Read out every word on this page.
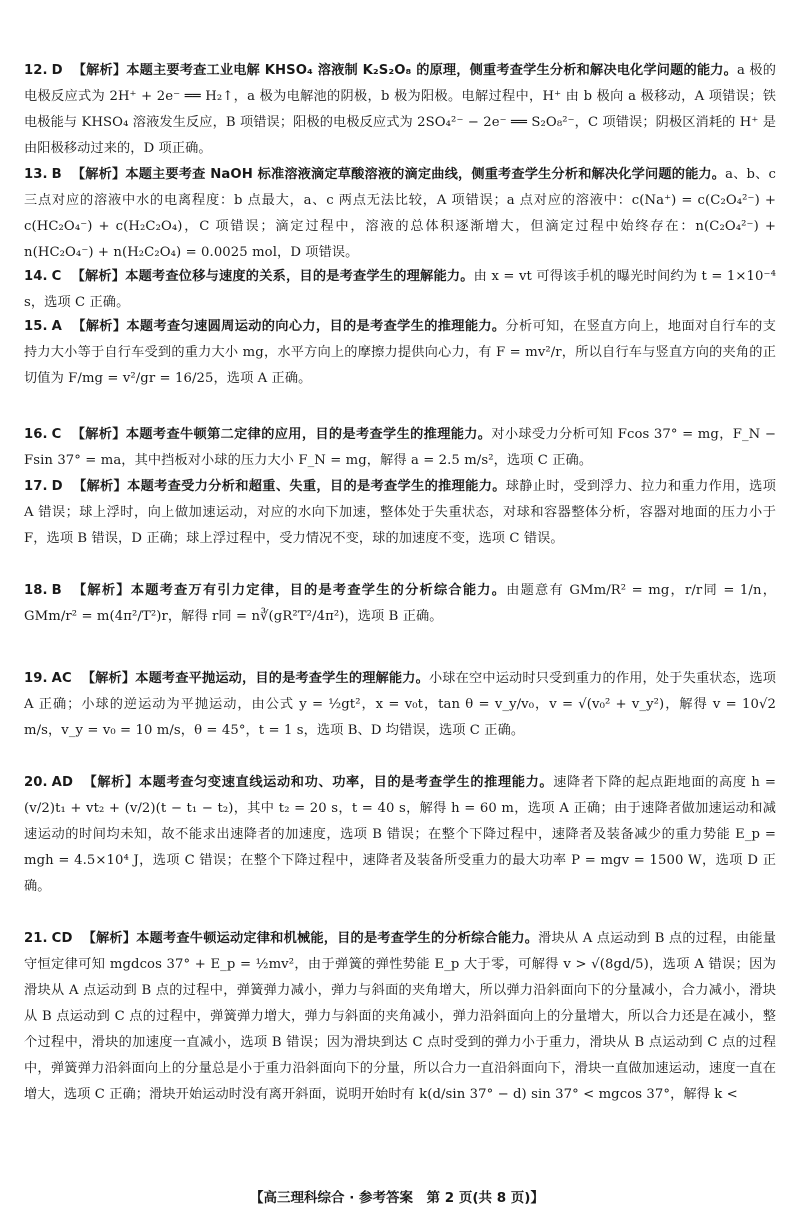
12. D 【解析】本题主要考查工业电解 KHSO₄ 溶液制 K₂S₂O₈ 的原理，侧重考查学生分析和解决电化学问题的能力。a 极的电极反应式为 2H⁺ + 2e⁻ ══ H₂↑，a 极为电解池的阴极，b 极为阳极。电解过程中，H⁺ 由 b 极向 a 极移动，A 项错误；铁电极能与 KHSO₄ 溶液发生反应，B 项错误；阳极的电极反应式为 2SO₄²⁻ − 2e⁻ ══ S₂O₈²⁻，C 项错误；阴极区消耗的 H⁺ 是由阳极移动过来的，D 项正确。
13. B 【解析】本题主要考查 NaOH 标准溶液滴定草酸溶液的滴定曲线，侧重考查学生分析和解决化学问题的能力。a、b、c 三点对应的溶液中水的电离程度：b 点最大，a、c 两点无法比较，A 项错误；a 点对应的溶液中：c(Na⁺) = c(C₂O₄²⁻) + c(HC₂O₄⁻) + c(H₂C₂O₄)，C 项错误；滴定过程中，溶液的总体积逐渐增大，但滴定过程中始终存在：n(C₂O₄²⁻) + n(HC₂O₄⁻) + n(H₂C₂O₄) = 0.0025 mol，D 项错误。
14. C 【解析】本题考查位移与速度的关系，目的是考查学生的理解能力。由 x = vt 可得该手机的曝光时间约为 t = 1×10⁻⁴ s，选项 C 正确。
15. A 【解析】本题考查匀速圆周运动的向心力，目的是考查学生的推理能力。分析可知，在竖直方向上，地面对自行车的支持力大小等于自行车受到的重力大小 mg，水平方向上的摩擦力提供向心力，有 F = mv²/r，所以自行车与竖直方向的夹角的正切值为 F/mg = v²/gr = 16/25，选项 A 正确。
16. C 【解析】本题考查牛顿第二定律的应用，目的是考查学生的推理能力。对小球受力分析可知 Fcos 37° = mg，F_N − Fsin 37° = ma，其中挡板对小球的压力大小 F_N = mg，解得 a = 2.5 m/s²，选项 C 正确。
17. D 【解析】本题考查受力分析和超重、失重，目的是考查学生的推理能力。球静止时，受到浮力、拉力和重力作用，选项 A 错误；球上浮时，向上做加速运动，对应的水向下加速，整体处于失重状态，对球和容器整体分析，容器对地面的压力小于 F，选项 B 错误，D 正确；球上浮过程中，受力情况不变，球的加速度不变，选项 C 错误。
18. B 【解析】本题考查万有引力定律，目的是考查学生的分析综合能力。由题意有 GMm/R² = mg，r/r同 = 1/n，GMm/r² = m(4π²/T²)r，解得 r同 = n∛(gR²T²/4π²)，选项 B 正确。
19. AC 【解析】本题考查平抛运动，目的是考查学生的理解能力。小球在空中运动时只受到重力的作用，处于失重状态，选项 A 正确；小球的逆运动为平抛运动，由公式 y = ½gt²，x = v₀t，tan θ = v_y/v₀，v = √(v₀² + v_y²)，解得 v = 10√2 m/s，v_y = v₀ = 10 m/s，θ = 45°，t = 1 s，选项 B、D 均错误，选项 C 正确。
20. AD 【解析】本题考查匀变速直线运动和功、功率，目的是考查学生的推理能力。速降者下降的起点距地面的高度 h = (v/2)t₁ + vt₂ + (v/2)(t − t₁ − t₂)，其中 t₂ = 20 s，t = 40 s，解得 h = 60 m，选项 A 正确；由于速降者做加速运动和减速运动的时间均未知，故不能求出速降者的加速度，选项 B 错误；在整个下降过程中，速降者及装备减少的重力势能 E_p = mgh = 4.5×10⁴ J，选项 C 错误；在整个下降过程中，速降者及装备所受重力的最大功率 P = mgv = 1500 W，选项 D 正确。
21. CD 【解析】本题考查牛顿运动定律和机械能，目的是考查学生的分析综合能力。滑块从 A 点运动到 B 点的过程，由能量守恒定律可知 mgdcos 37° + E_p = ½mv²，由于弹簧的弹性势能 E_p 大于零，可解得 v > √(8gd/5)，选项 A 错误；因为滑块从 A 点运动到 B 点的过程中，弹簧弹力减小，弹力与斜面的夹角增大，所以弹力沿斜面向下的分量减小，合力减小，滑块从 B 点运动到 C 点的过程中，弹簧弹力增大，弹力与斜面的夹角减小，弹力沿斜面向上的分量增大，所以合力还是在减小，整个过程中，滑块的加速度一直减小，选项 B 错误；因为滑块到达 C 点时受到的弹力小于重力，滑块从 B 点运动到 C 点的过程中，弹簧弹力沿斜面向上的分量总是小于重力沿斜面向下的分量，所以合力一直沿斜面向下，滑块一直做加速运动，速度一直在增大，选项 C 正确；滑块开始运动时没有离开斜面，说明开始时有 k(d/sin 37° − d) sin 37° < mgcos 37°，解得 k <
【高三理科综合 · 参考答案　第 2 页(共 8 页)】
